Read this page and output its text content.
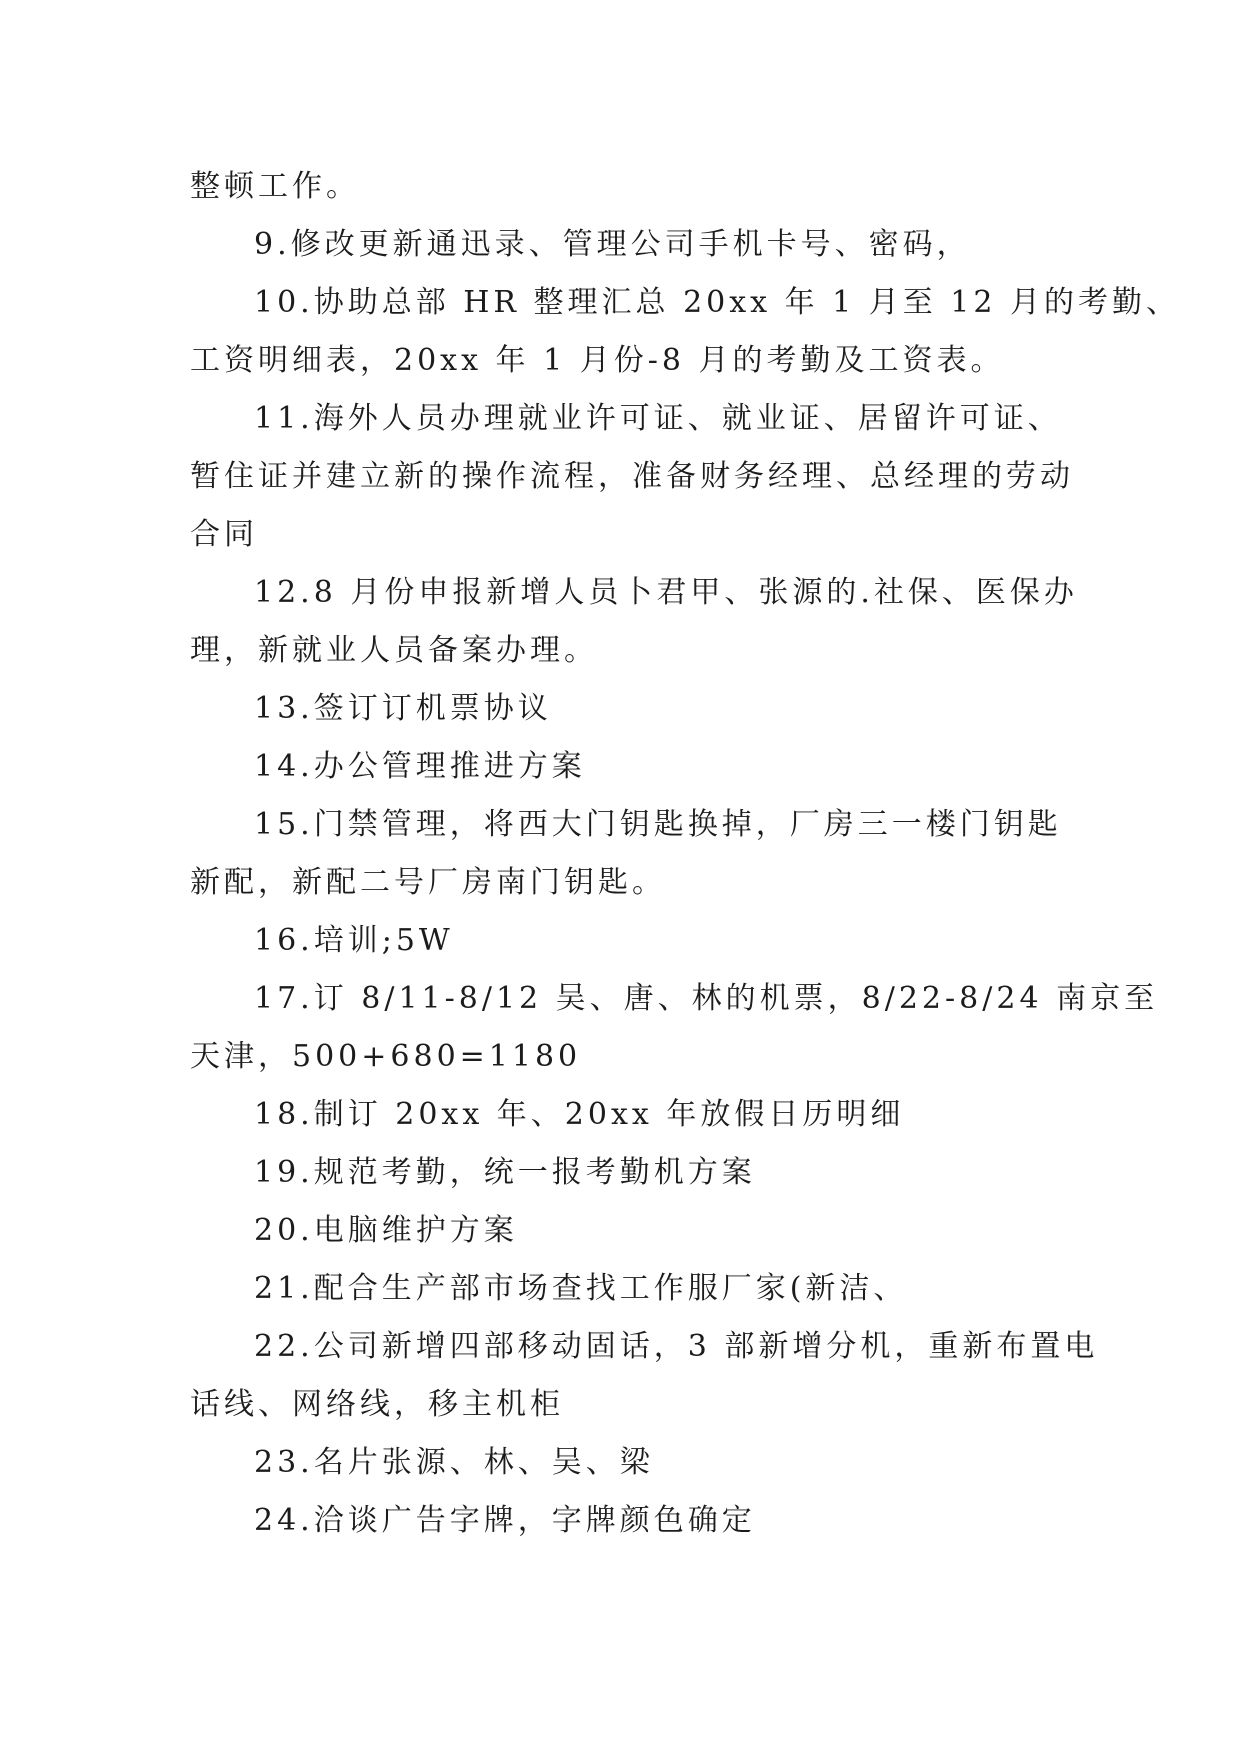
整顿工作。

9.修改更新通迅录、管理公司手机卡号、密码，

10.协助总部 HR 整理汇总 20xx 年 1 月至 12 月的考勤、

工资明细表，20xx 年 1 月份-8 月的考勤及工资表。

11.海外人员办理就业许可证、就业证、居留许可证、

暂住证并建立新的操作流程，准备财务经理、总经理的劳动

合同

12.8 月份申报新增人员卜君甲、张源的.社保、医保办

理，新就业人员备案办理。

13.签订订机票协议

14.办公管理推进方案

15.门禁管理，将西大门钥匙换掉，厂房三一楼门钥匙

新配，新配二号厂房南门钥匙。

16.培训;5W

17.订 8/11-8/12 吴、唐、林的机票，8/22-8/24 南京至

天津，500+680=1180

18.制订 20xx 年、20xx 年放假日历明细

19.规范考勤，统一报考勤机方案

20.电脑维护方案

21.配合生产部市场查找工作服厂家(新洁、

22.公司新增四部移动固话，3 部新增分机，重新布置电

话线、网络线，移主机柜

23.名片张源、林、吴、梁

24.洽谈广告字牌，字牌颜色确定
